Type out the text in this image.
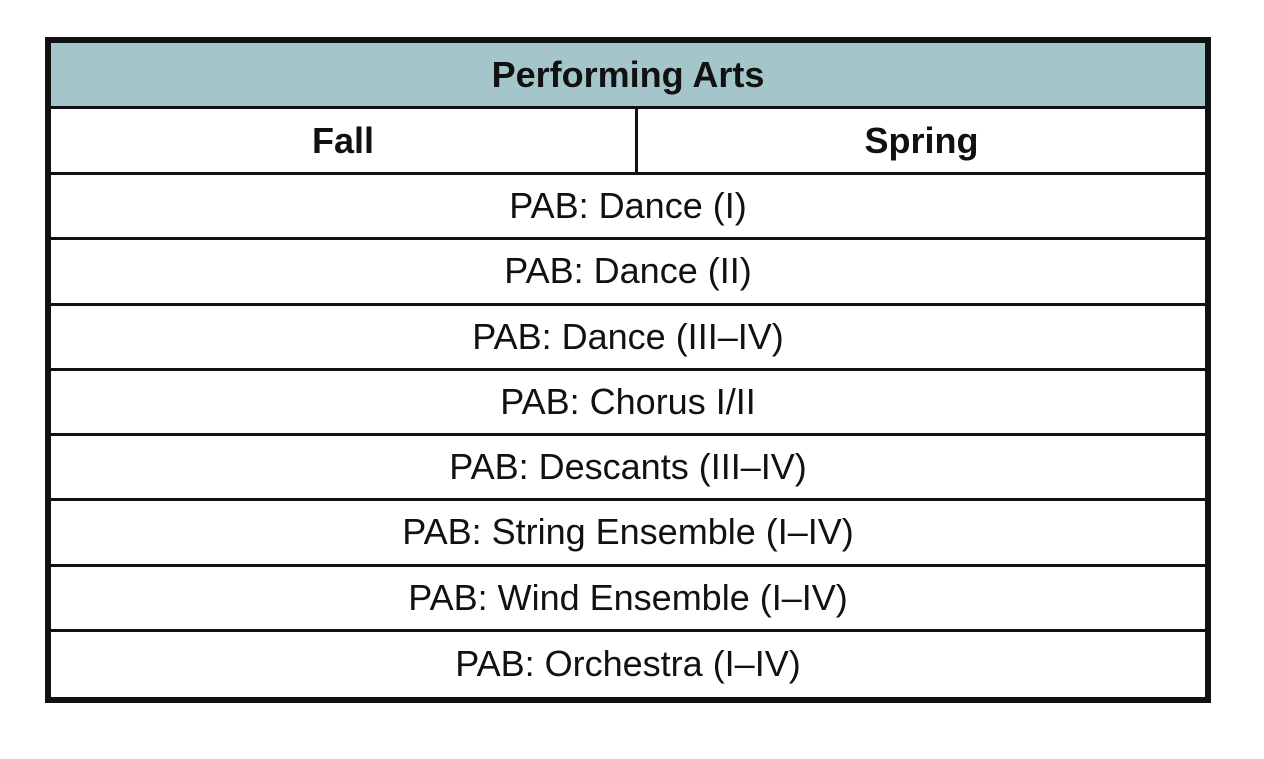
Performing Arts
Fall	Spring
PAB: Dance (I)
PAB: Dance (II)
PAB: Dance (III–IV)
PAB: Chorus I/II
PAB: Descants (III–IV)
PAB: String Ensemble (I–IV)
PAB: Wind Ensemble (I–IV)
PAB: Orchestra (I–IV)
